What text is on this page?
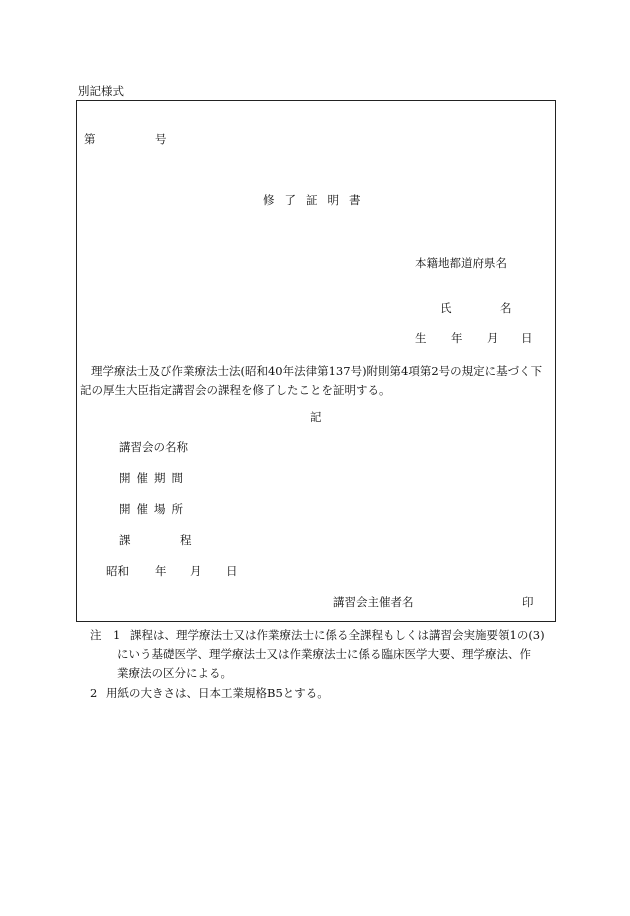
別記様式
第	号
修了証明書
本籍地都道府県名
氏	名
生 年 月 日
理学療法士及び作業療法士法(昭和40年法律第137号)附則第4項第2号の規定に基づく下記の厚生大臣指定講習会の課程を修了したことを証明する。
記
講習会の名称
開催期間
開催場所
課	程
昭和 年 月 日
講習会主催者名	印
注 1 課程は、理学療法士又は作業療法士に係る全課程もしくは講習会実施要領1の(3)
にいう基礎医学、理学療法士又は作業療法士に係る臨床医学大要、理学療法、作
業療法の区分による。
2 用紙の大きさは、日本工業規格B5とする。
